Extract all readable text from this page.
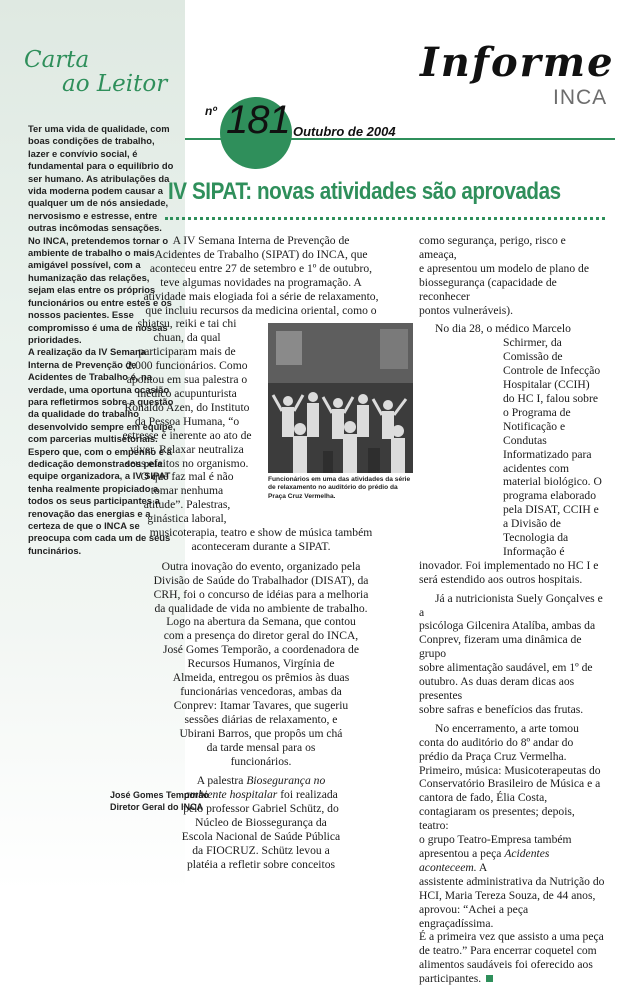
Carta
ao Leitor

Ter uma vida de qualidade, com boas condições de trabalho, lazer e convívio social, é fundamental para o equilíbrio do ser humano. As atribulações da vida moderna podem causar a qualquer um de nós ansiedade, nervosismo e estresse, entre outras incômodas sensações. No INCA, pretendemos tornar o ambiente de trabalho o mais amigável possível, com a humanização das relações, sejam elas entre os próprios funcionários ou entre estes e os nossos pacientes. Esse compromisso é uma de nossas prioridades.

A realização da IV Semana Interna de Prevenção de Acidentes de Trabalho é, na verdade, uma oportuna ocasião para refletirmos sobre a questão da qualidade do trabalho desenvolvido sempre em equipe, com parcerias multisetoriais. Espero que, com o empenho e a dedicação demonstrados pela equipe organizadora, a IV SIPAT tenha realmente propiciado a todos os seus participantes a renovação das energias e a certeza de que o INCA se preocupa com cada um de seus funcinários.

José Gomes Temporão

Diretor Geral do INCA

Informe
INCA
nº 181 Outubro de 2004
IV SIPAT: novas atividades são aprovadas
A IV Semana Interna de Prevenção de
Acidentes de Trabalho (SIPAT) do INCA, que
aconteceu entre 27 de setembro e 1º de outubro,
teve algumas novidades na programação. A
atividade mais elogiada foi a série de relaxamento,
que incluiu recursos da medicina oriental, como o
shiatsu, reiki e tai chi
chuan, da qual
participaram mais de
2.000 funcionários. Como
apontou em sua palestra o
médico acupunturista
Ronaldo Azen, do Instituto
da Pessoa Humana, “o
estresse é inerente ao ato de
viver. Relaxar neutraliza
seus efeitos no organismo.
O que faz mal é não
tomar nenhuma
atitude”. Palestras,
ginástica laboral,
musicoterapia, teatro e show de música também
aconteceram durante a SIPAT.
Outra inovação do evento, organizado pela
Divisão de Saúde do Trabalhador (DISAT), da
CRH, foi o concurso de idéias para a melhoria
da qualidade de vida no ambiente de trabalho.
Logo na abertura da Semana, que contou
com a presença do diretor geral do INCA,
José Gomes Temporão, a coordenadora de
Recursos Humanos, Virgínia de
Almeida, entregou os prêmios às duas
funcionárias vencedoras, ambas da
Conprev: Itamar Tavares, que sugeriu
sessões diárias de relaxamento, e
Ubirani Barros, que propôs um chá
da tarde mensal para os
funcionários.
A palestra Biosegurança no
ambiente hospitalar foi realizada
pelo professor Gabriel Schütz, do
Núcleo de Biossegurança da
Escola Nacional de Saúde Pública
da FIOCRUZ. Schütz levou a
platéia a refletir sobre conceitos
Funcionários em uma das atividades da série de relaxamento no auditório do prédio da Praça Cruz Vermelha.

como segurança, perigo, risco e ameaça,

e apresentou um modelo de plano de

biossegurança (capacidade de reconhecer

pontos vulneráveis).

No dia 28, o médico Marcelo

Schirmer, da

Comissão de

Controle de Infecção

Hospitalar (CCIH)

do HC I, falou sobre

o Programa de

Notificação e

Condutas

Informatizado para

acidentes com

material biológico. O

programa elaborado

pela DISAT, CCIH e

a Divisão de

Tecnologia da

Informação é

inovador. Foi implementado no HC I e

será estendido aos outros hospitais.

Já a nutricionista Suely Gonçalves e a

psicóloga Gilcenira Atalíba, ambas da

Conprev, fizeram uma dinâmica de grupo

sobre alimentação saudável, em 1º de

outubro. As duas deram dicas aos presentes

sobre safras e benefícios das frutas.

No encerramento, a arte tomou

conta do auditório do 8º andar do

prédio da Praça Cruz Vermelha.

Primeiro, música: Musicoterapeutas do

Conservatório Brasileiro de Música e a

cantora de fado, Élia Costa,

contagiaram os presentes; depois, teatro:

o grupo Teatro-Empresa também

apresentou a peça Acidentes aconteceem. A

assistente administrativa da Nutrição do

HCI, Maria Tereza Souza, de 44 anos,

aprovou: “Achei a peça engraçadíssima.

É a primeira vez que assisto a uma peça

de teatro.” Para encerrar coquetel com

alimentos saudáveis foi oferecido aos

participantes.
